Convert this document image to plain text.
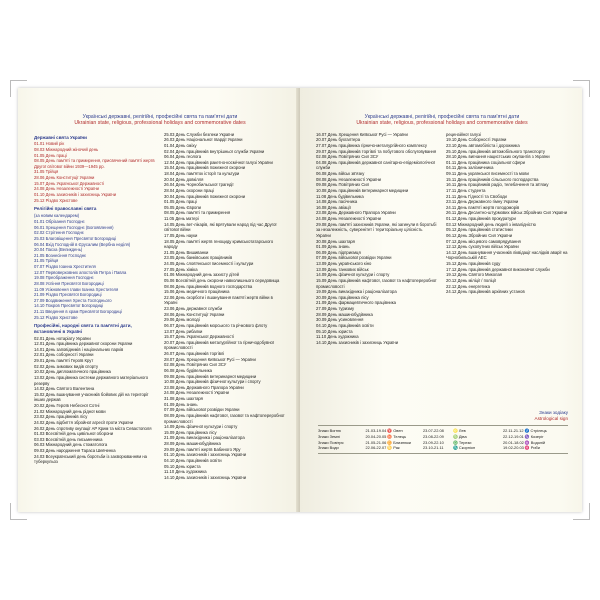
Українські державні, релігійні, професійні свята та пам'ятні дати
Ukrainian state, religious, professional holidays and commemorative dates
Державні свята України
01.01 Новий рік
08.03 Міжнародний жіночий день
01.05 День праці
08.05 День пам'яті та примирення, присвячений пам'яті жертв Другої світової війни 1939—1945 рр.
31.05 Трійця
28.06 День Конституції України
15.07 День Української Державності
24.08 День Незалежності України
01.10 День захисників і захисниць України
25.12 Різдво Христове
Релігійні православні свята
(за новим календарем)
01.01 Обрізання Господнє
06.01 Хрещення Господнє (Богоявлення)
02.02 Стрітення Господнє
25.03 Благовіщення Пресвятої Богородиці
06.04 Вхід Господній в Єрусалим (Вербна неділя)
20.04 Пасха (Великдень)
21.05 Вознесіння Господнє
31.05 Трійця
07.07 Різдво Іоанна Хрестителя
12.07 Первоверховних апостолів Петра і Павла
19.08 Преображення Господнє
28.08 Успіння Пресвятої Богородиці
11.09 Усікновення глави Іоанна Хрестителя
21.09 Різдво Пресвятої Богородиці
27.09 Воздвиження Хреста Господнього
14.10 Покров Пресвятої Богородиці
21.11 Введення в храм Пресвятої Богородиці
25.12 Різдво Христове
Професійні, народні свята та пам'ятні дати, встановлені в Україні
02.01 День нотаріату України
12.01 День працівника державної охорони України
14.01 День заповідників і національних парків
22.01 День соборності України
29.01 День пам'яті Героїв Крут
02.02 День зимових видів спорту
10.02 День дипломатичного працівника
13.02 День працівника системи державного матеріального резерву
14.02 День Святого Валентина
15.02 День вшанування учасників бойових дій на території інших держав
20.02 День Героїв Небесної Сотні
21.02 Міжнародний день рідної мови
23.02 День працівників лісу
24.02 День відбиття збройної агресії проти України
26.02 День спротиву окупації АР Крим та міста Севастополя
01.03 Всесвітній день цивільної оборони
03.03 Всесвітній день письменника
06.03 Міжнародний день стоматолога
09.03 День народження Тараса Шевченка
24.03 Всеукраїнський день боротьби із захворюванням на туберкульоз
25.03 День Служби безпеки України
26.03 День Національної гвардії України
01.04 День сміху
02.04 День працівників внутрішньої служби України
06.04 День геолога
12.04 День працівників ракетно-космічної галузі України
15.04 День працівників пожежної охорони
18.04 День пам'яток історії та культури
20.04 День довкілля
26.04 День Чорнобильської трагедії
28.04 День охорони праці
30.04 День працівників пожежної охорони
01.05 День праці
05.05 День Європи
08.05 День пам'яті та примирення
11.05 День матері
14.05 День вет-лікарів, які врятували народ під час Другої світової війни
17.05 День науки
18.05 День пам'яті жертв геноциду кримськотатарського народу
21.05 День Вишиванки
23.05 День банківських працівників
24.05 День слов'янської писемності і культури
27.05 День хіміка
01.06 Міжнародний день захисту дітей
05.06 Всесвітній день охорони навколишнього середовища
08.06 День працівників водного господарства
15.06 День медичного працівника
22.06 День скорботи і вшанування пам'яті жертв війни в Україні
23.06 День державної служби
28.06 День Конституції України
29.06 День молоді
06.07 День працівників морського та річкового флоту
13.07 День рибалки
15.07 День Української Державності
20.07 День працівників металургійної та гірничодобувної промисловості
26.07 День працівників торгівлі
28.07 День Хрещення Київської Русі — України
02.08 День Повітряних Сил ЗСУ
06.08 День будівельника
09.08 День працівників ветеринарної медицини
10.08 День працівників фізичної культури і спорту
23.08 День Державного Прапора України
24.08 День Незалежності України
31.08 День шахтаря
01.09 День знань
07.09 День військової розвідки України
08.09 День працівників нафтової, газової та нафтопереробної промисловості
14.09 День фізичної культури і спорту
15.09 День працівника лісу
21.09 День винахідника і раціоналізатора
28.09 День машинобудівника
29.09 День пам'яті жертв Бабиного Яру
01.10 День захисників і захисниць України
04.10 День працівників освіти
05.10 День юриста
11.10 День художника
14.10 День захисників і захисниць України
Українські державні, релігійні, професійні свята та пам'ятні дати
Ukrainian state, religious, professional holidays and commemorative dates
16.07 День Хрещення Київської Русі — України
20.07 День бухгалтера
27.07 День працівника гірничо-металургійного комплексу
29.07 День працівників торгівлі та побутового обслуговування
02.08 День Повітряних Сил ЗСУ
04.08 День працівників державної санітарно-епідеміологічної служби
06.08 День військ зв'язку
08.08 День Незалежності України
09.08 День Повітряних Сил
10.08 День працівників ветеринарної медицини
11.08 День будівельника
14.08 День пасічника
16.08 День авіації
23.08 День Державного Прапора України
24.08 День Незалежності України
29.08 День пам'яті захисників України, які загинули в боротьбі за незалежність, суверенітет і територіальну цілісність України
30.08 День шахтаря
01.09 День знань
06.09 День підприємця
07.09 День військової розвідки України
13.09 День українського кіно
13.09 День танкових військ
14.09 День фізичної культури і спорту
15.09 День працівників нафтової, газової та нафтопереробної промисловості
19.09 День винахідника і раціоналізатора
20.09 День працівника лісу
21.09 День фармацевтичного працівника
27.09 День туризму
28.09 День машинобудівника
30.09 День усиновлення
04.10 День працівників освіти
05.10 День юриста
11.10 День художника
14.10 День захисників і захисниць України
рецензійної галузі
19.10 День Соборності України
23.10 День автомобіліста і дорожника
25.10 День працівників автомобільного транспорту
28.10 День вигнання нацистських окупантів з України
01.11 День працівника соціальної сфери
04.11 День залізничника
09.11 День української писемності та мови
15.11 День працівників сільського господарства
16.11 День працівників радіо, телебачення та зв'язку
17.11 День студента
21.11 День Гідності та Свободи
23.11 День Державного гімну України
24.11 День пам'яті жертв голодоморів
26.11 День Десантно-штурмових військ Збройних Сил України
01.12 День працівників прокуратури
03.12 Міжнародний день людей з інвалідністю
05.12 День працівників статистики
06.12 День Збройних Сил України
07.12 День місцевого самоврядування
12.12 День сухопутних військ України
14.12 День вшанування учасників ліквідації наслідків аварії на Чорнобильській АЕС
15.12 День працівників суду
17.12 День працівників державної виконавчої служби
19.12 День Святого Миколая
20.12 День міліції / поліції
22.12 День енергетика
24.12 День працівників архівних установ
Знаки зодіаку
Astrological sign
Знаки Вогню	21.03-19.04 ♈ Овен	23.07-22.08	♌ Лев	22.11-21.12 ♐ Стрілець
Знаки Землі	20.04-20.05 ♉ Телець	23.08-22.09	♍ Діва	22.12-19.01 ♑ Козеріг
Знаки Повітря	21.05-21.06 ♊ Близнюки	23.09-22.10	♎ Терези	20.01-18.02 ♒ Водолій
Знаки Води	22.06-22.07 ♋ Рак	23.10-21.11	♏ Скорпіон	19.02-20.03 ♓ Риби
